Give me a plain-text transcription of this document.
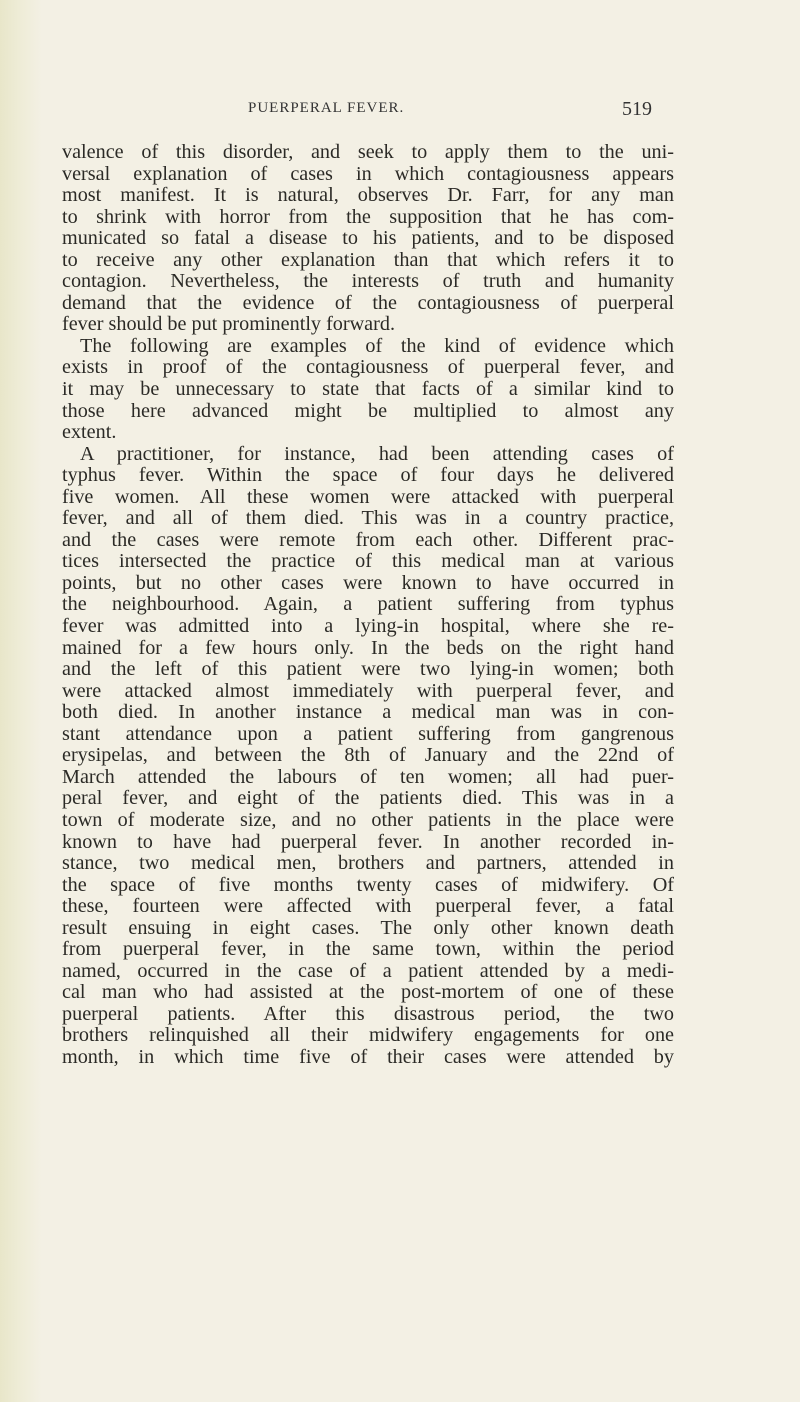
PUERPERAL FEVER.	519
valence of this disorder, and seek to apply them to the uni-
versal explanation of cases in which contagiousness appears
most manifest. It is natural, observes Dr. Farr, for any man
to shrink with horror from the supposition that he has com-
municated so fatal a disease to his patients, and to be disposed
to receive any other explanation than that which refers it to
contagion. Nevertheless, the interests of truth and humanity
demand that the evidence of the contagiousness of puerperal
fever should be put prominently forward.
The following are examples of the kind of evidence which
exists in proof of the contagiousness of puerperal fever, and
it may be unnecessary to state that facts of a similar kind to
those here advanced might be multiplied to almost any
extent.
A practitioner, for instance, had been attending cases of
typhus fever. Within the space of four days he delivered
five women. All these women were attacked with puerperal
fever, and all of them died. This was in a country practice,
and the cases were remote from each other. Different prac-
tices intersected the practice of this medical man at various
points, but no other cases were known to have occurred in
the neighbourhood. Again, a patient suffering from typhus
fever was admitted into a lying-in hospital, where she re-
mained for a few hours only. In the beds on the right hand
and the left of this patient were two lying-in women; both
were attacked almost immediately with puerperal fever, and
both died. In another instance a medical man was in con-
stant attendance upon a patient suffering from gangrenous
erysipelas, and between the 8th of January and the 22nd of
March attended the labours of ten women; all had puer-
peral fever, and eight of the patients died. This was in a
town of moderate size, and no other patients in the place were
known to have had puerperal fever. In another recorded in-
stance, two medical men, brothers and partners, attended in
the space of five months twenty cases of midwifery. Of
these, fourteen were affected with puerperal fever, a fatal
result ensuing in eight cases. The only other known death
from puerperal fever, in the same town, within the period
named, occurred in the case of a patient attended by a medi-
cal man who had assisted at the post-mortem of one of these
puerperal patients. After this disastrous period, the two
brothers relinquished all their midwifery engagements for one
month, in which time five of their cases were attended by
